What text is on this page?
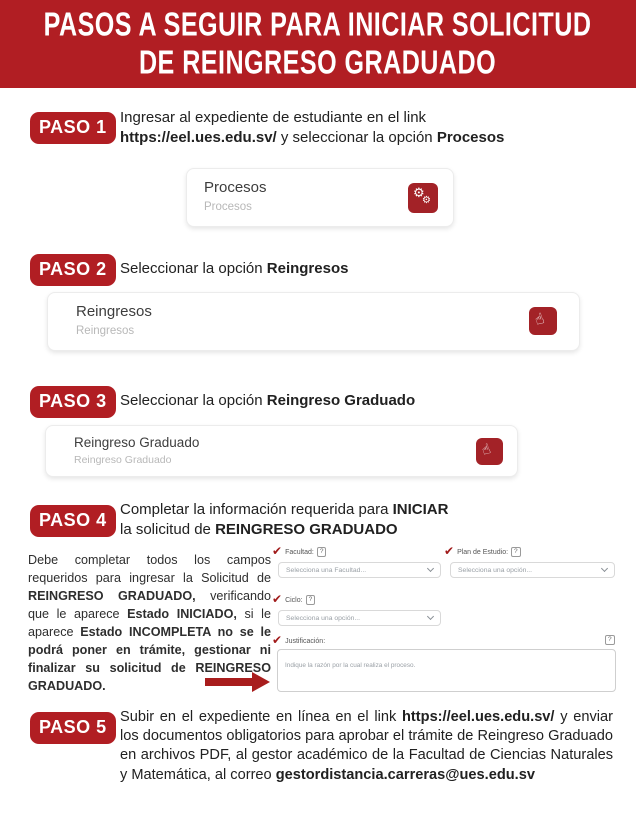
PASOS A SEGUIR PARA INICIAR SOLICITUD
DE REINGRESO GRADUADO
PASO 1 Ingresar al expediente de estudiante en el link
https://eel.ues.edu.sv/ y seleccionar la opción Procesos
Procesos
Procesos
⚙
⚙
PASO 2 Seleccionar la opción Reingresos
Reingresos
Reingresos
☝
PASO 3 Seleccionar la opción Reingreso Graduado
Reingreso Graduado
Reingreso Graduado
☝
PASO 4
Completar la información requerida para INICIAR
la solicitud de REINGRESO GRADUADO
Debe completar todos los campos requeridos para ingresar la Solicitud de REINGRESO GRADUADO, verificando que le aparece Estado INICIADO, si le aparece Estado INCOMPLETA no se le podrá poner en trámite, gestionar ni finalizar su solicitud de REINGRESO GRADUADO.
✔ Facultad: ?
Selecciona una Facultad...
✔ Plan de Estudio: ?
Selecciona una opción...
✔ Ciclo: ?
Selecciona una opción...
✔ Justificación:	?
Indique la razón por la cual realiza el proceso.
PASO 5 Subir en el expediente en línea en el link https://eel.ues.edu.sv/ y enviar los documentos obligatorios para aprobar el trámite de Reingreso Graduado en archivos PDF, al gestor académico de la Facultad de Ciencias Naturales y Matemática, al correo gestordistancia.carreras@ues.edu.sv
